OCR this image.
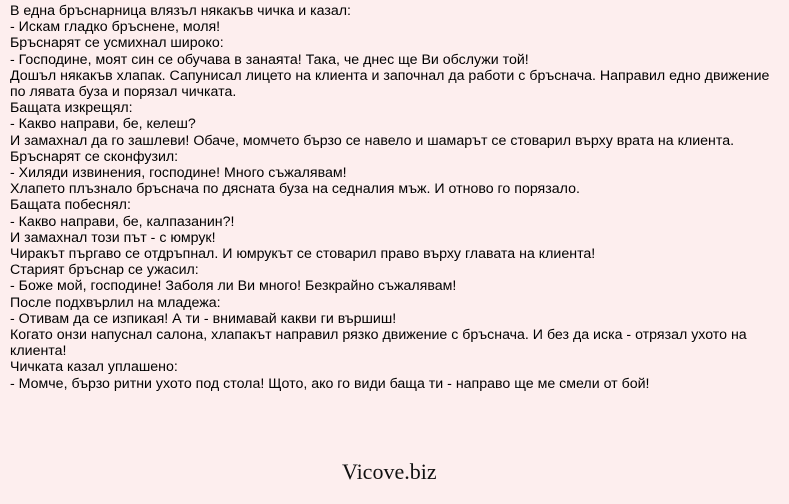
В една бръснарница влязъл някакъв чичка и казал:

- Искам гладко бръснене, моля!

Бръснарят се усмихнал широко:

- Господине, моят син се обучава в занаята! Така, че днес ще Ви обслужи той!

Дошъл някакъв хлапак. Сапунисал лицето на клиента и започнал да работи с бръснача. Направил едно движение по лявата буза и порязал чичката.

Бащата изкрещял:

- Какво направи, бе, келеш?

И замахнал да го зашлеви! Обаче, момчето бързо се навело и шамарът се стоварил върху врата на клиента. Бръснарят се сконфузил:

- Хиляди извинения, господине! Много съжалявам!

Хлапето плъзнало бръснача по дясната буза на седналия мъж. И отново го порязало.

Бащата побеснял:

- Какво направи, бе, калпазанин?!

И замахнал този път - с юмрук!

Чиракът пъргаво се отдръпнал. И юмрукът се стоварил право върху главата на клиента!

Старият бръснар се ужасил:

- Боже мой, господине! Заболя ли Ви много! Безкрайно съжалявам!

После подхвърлил на младежа:

- Отивам да се изпикая! А ти - внимавай какви ги вършиш!

Когато онзи напуснал салона, хлапакът направил рязко движение с бръснача. И без да иска - отрязал ухото на клиента!

Чичката казал уплашено:

- Момче, бързо ритни ухото под стола! Щото, ако го види баща ти - направо ще ме смели от бой!

Vicove.biz
